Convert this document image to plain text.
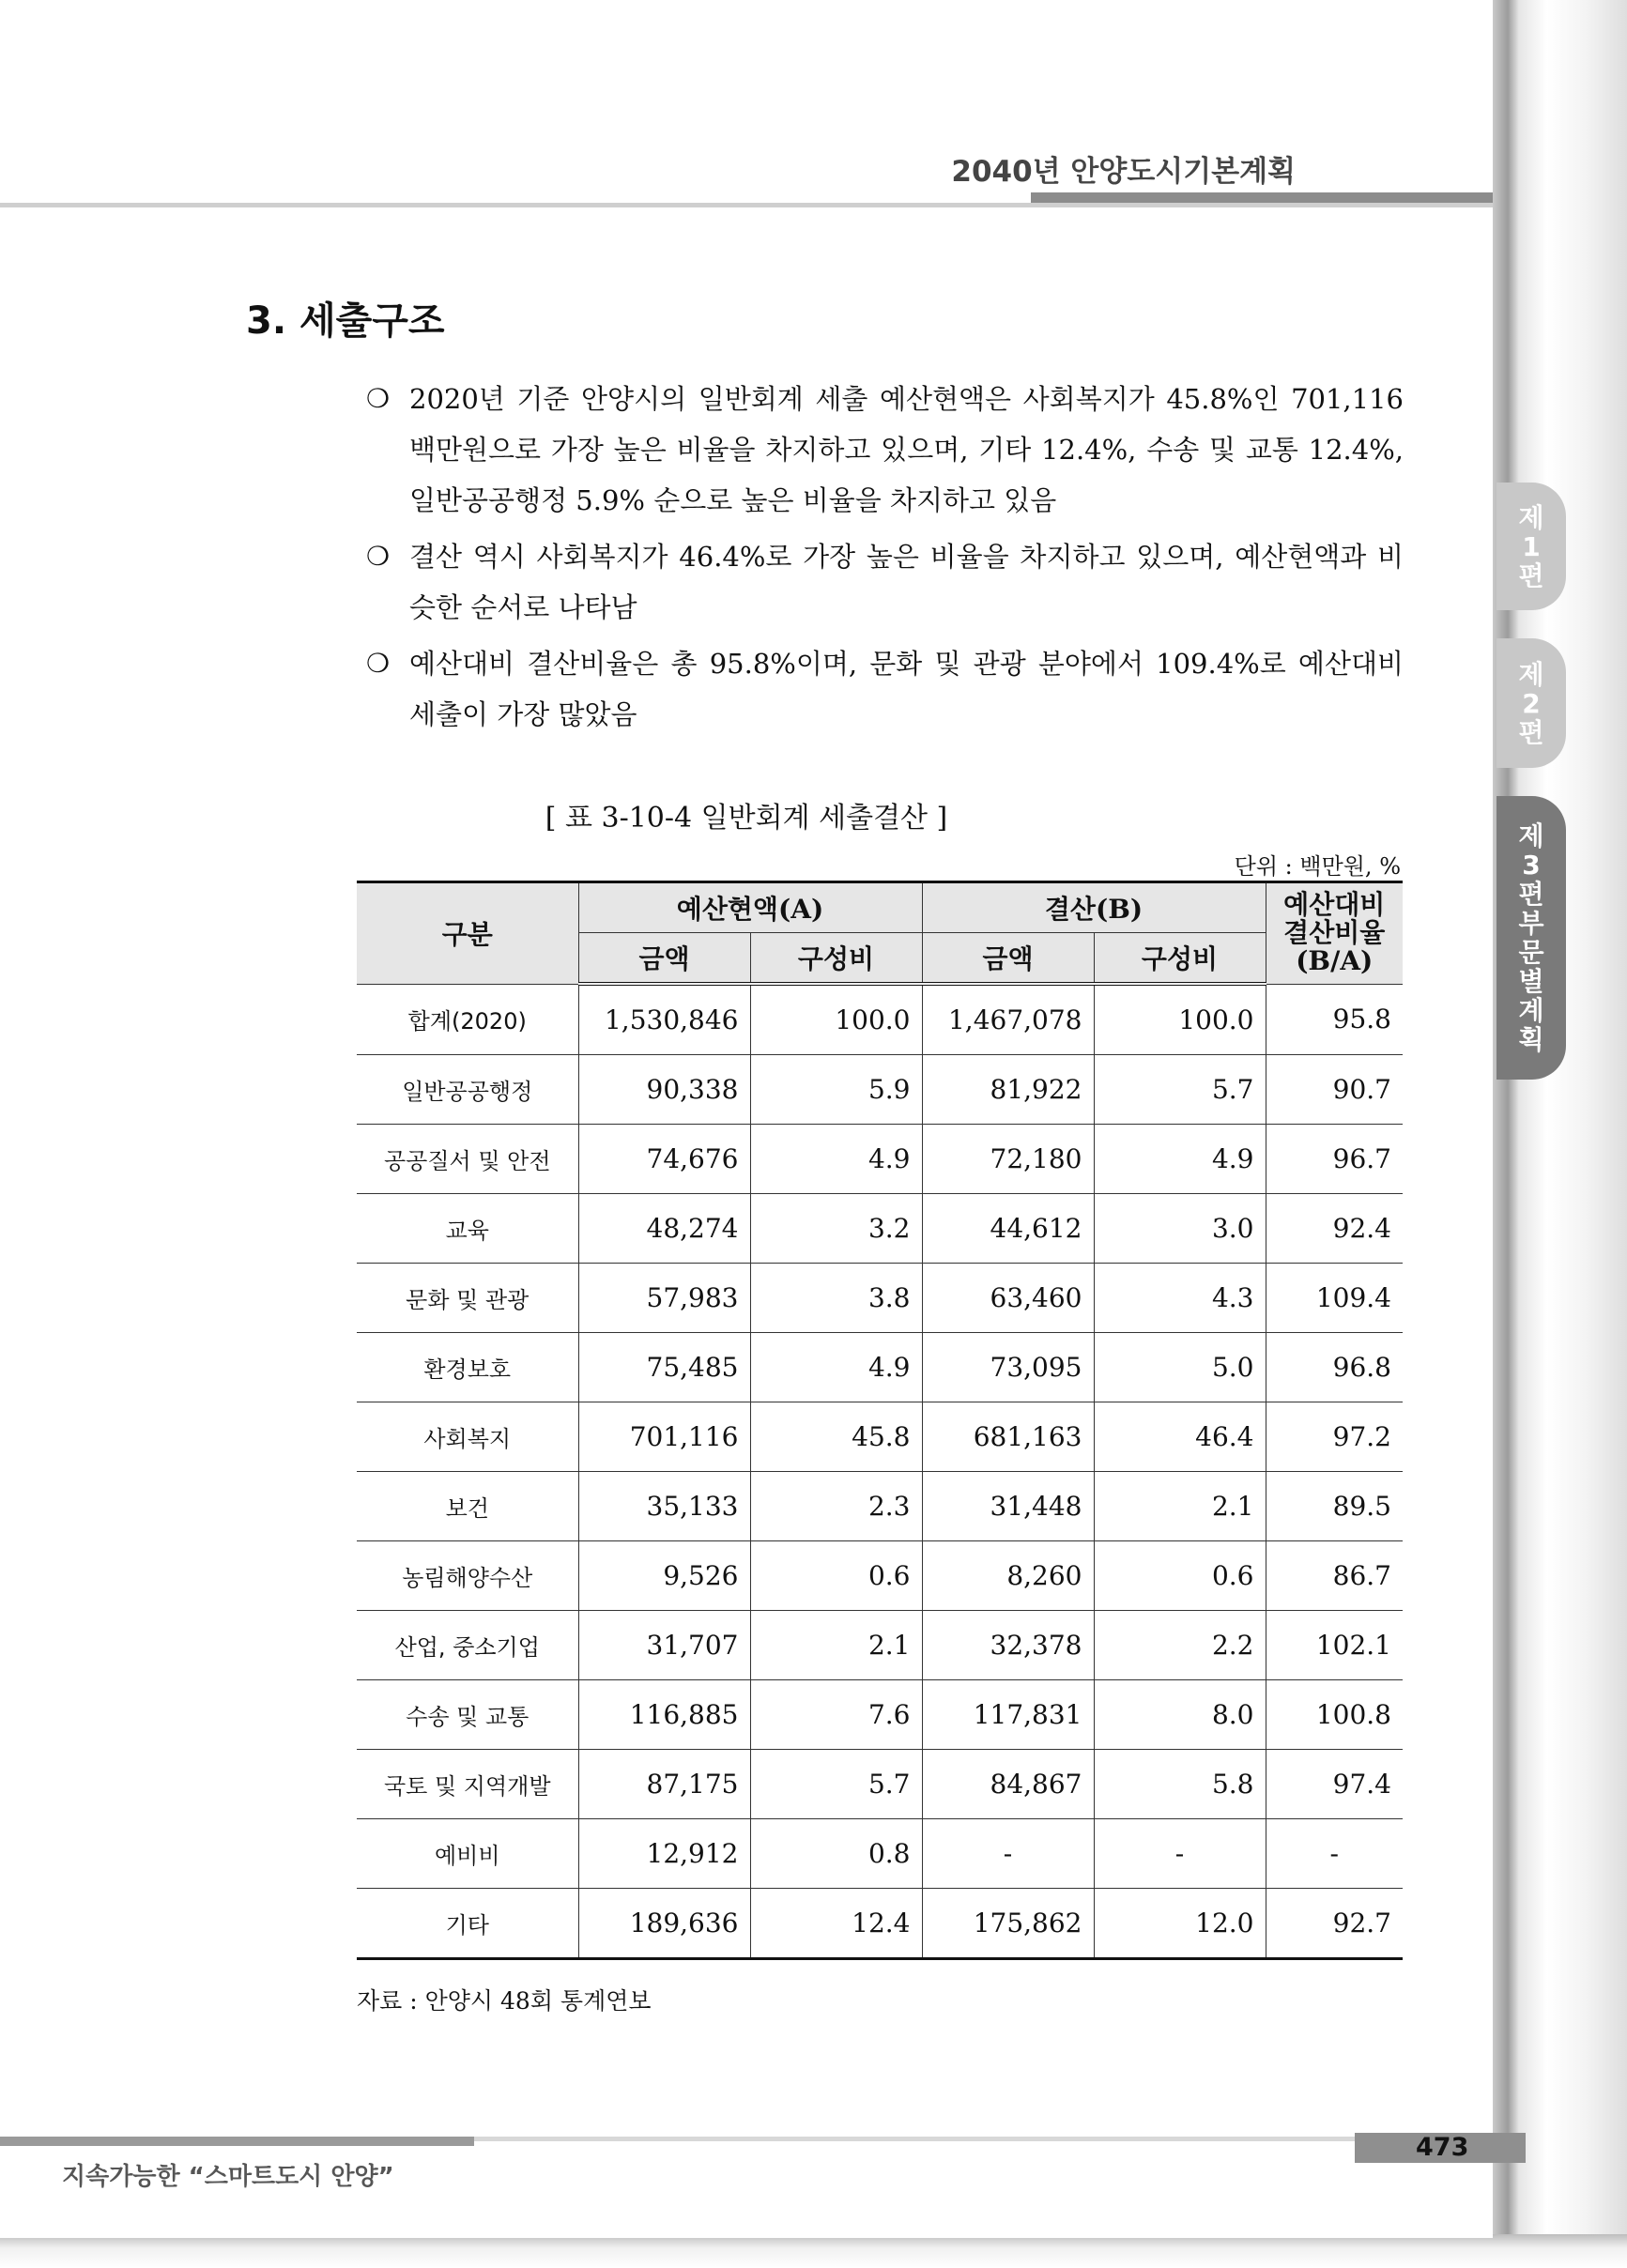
2040년 안양도시기본계획
3. 세출구조
❍ 2020년 기준 안양시의 일반회계 세출 예산현액은 사회복지가 45.8%인 701,116 백만원으로 가장 높은 비율을 차지하고 있으며, 기타 12.4%, 수송 및 교통 12.4%, 일반공공행정 5.9% 순으로 높은 비율을 차지하고 있음
❍ 결산 역시 사회복지가 46.4%로 가장 높은 비율을 차지하고 있으며, 예산현액과 비슷한 순서로 나타남
❍ 예산대비 결산비율은 총 95.8%이며, 문화 및 관광 분야에서 109.4%로 예산대비 세출이 가장 많았음
[ 표 3-10-4 일반회계 세출결산 ]
단위 : 백만원, %
구분	예산현액(A)		결산(B)		예산대비
결산비율
(B/A)

	금액	구성비	금액	구성비	
합계(2020)	1,530,846	100.0	1,467,078	100.0	95.8
일반공공행정	90,338	5.9	81,922	5.7	90.7
공공질서 및 안전	74,676	4.9	72,180	4.9	96.7
교육	48,274	3.2	44,612	3.0	92.4
문화 및 관광	57,983	3.8	63,460	4.3	109.4
환경보호	75,485	4.9	73,095	5.0	96.8
사회복지	701,116	45.8	681,163	46.4	97.2
보건	35,133	2.3	31,448	2.1	89.5
농림해양수산	9,526	0.6	8,260	0.6	86.7
산업, 중소기업	31,707	2.1	32,378	2.2	102.1
수송 및 교통	116,885	7.6	117,831	8.0	100.8
국토 및 지역개발	87,175	5.7	84,867	5.8	97.4
예비비	12,912	0.8	-	-	-
기타	189,636	12.4	175,862	12.0	92.7
자료 : 안양시 48회 통계연보
473
지속가능한 “스마트도시 안양”
제
1
편
제
2
편
제
3
편
부
문
별
계
획
